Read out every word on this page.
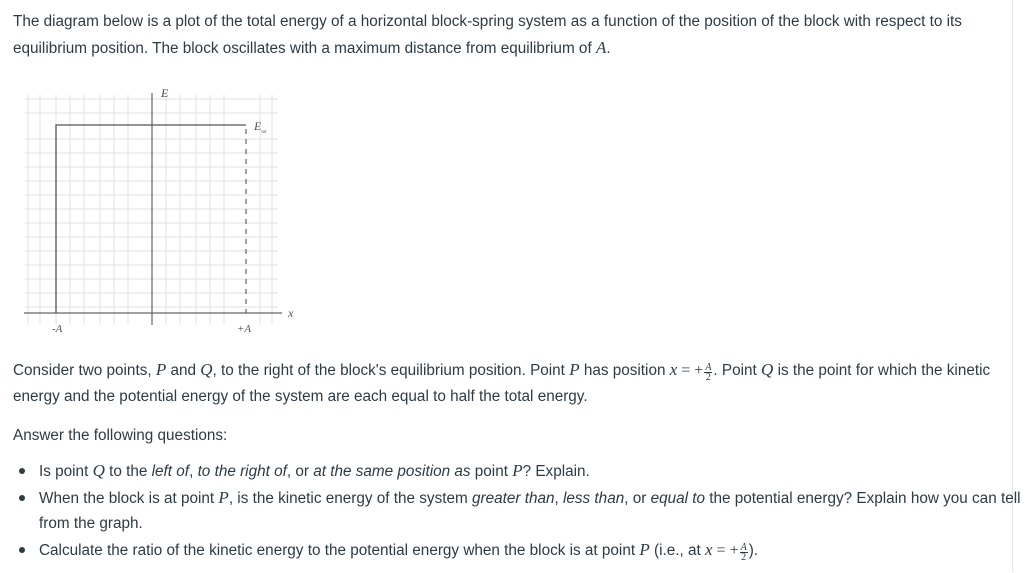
The diagram below is a plot of the total energy of a horizontal block-spring system as a function of the position of the block with respect to its equilibrium position. The block oscillates with a maximum distance from equilibrium of A.

E
$E_{tot}$
x
-A	+A

Consider two points, P and Q, to the right of the block's equilibrium position. Point P has position x = + $\frac{A}{2}$ . Point Q is the point for which the kinetic energy and the potential energy of the system are each equal to half the total energy.

Answer the following questions:

Is point Q to the left of, to the right of, or at the same position as point P? Explain.
When the block is at point P, is the kinetic energy of the system greater than, less than, or equal to the potential energy? Explain how you can tell from the graph.
Calculate the ratio of the kinetic energy to the potential energy when the block is at point P (i.e., at x = + $\frac{A}{2}$ ).
